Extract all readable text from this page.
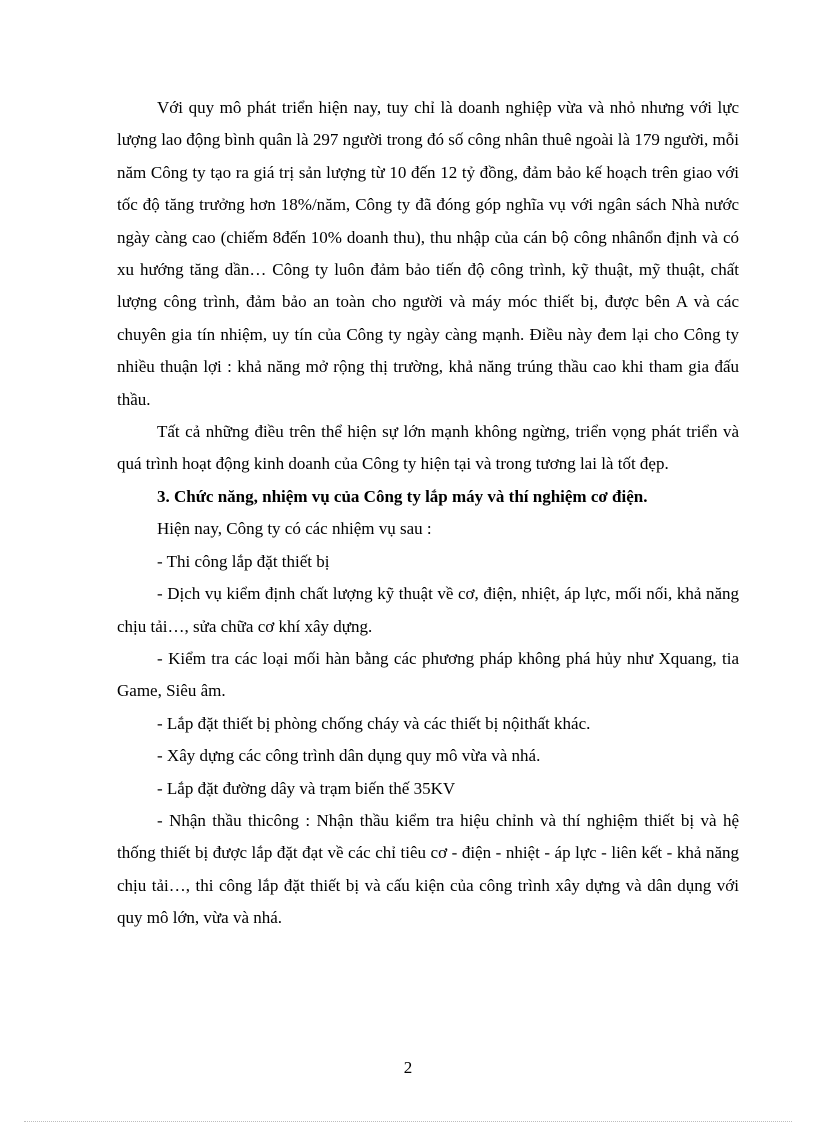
Với quy mô phát triển hiện nay, tuy chỉ là doanh nghiệp vừa và nhỏ nhưng với lực lượng lao động bình quân là 297 người trong đó số công nhân thuê ngoài là 179 người, mỗi năm Công ty tạo ra giá trị sản lượng từ 10 đến 12 tỷ đồng, đảm bảo kế hoạch trên giao với tốc độ tăng trưởng hơn 18%/năm, Công ty đã đóng góp nghĩa vụ với ngân sách Nhà nước ngày càng cao (chiếm 8đến 10% doanh thu), thu nhập của cán bộ công nhânổn định và có xu hướng tăng dần… Công ty luôn đảm bảo tiến độ công trình, kỹ thuật, mỹ thuật, chất lượng công trình, đảm bảo an toàn cho người và máy móc thiết bị, được bên A và các chuyên gia tín nhiệm, uy tín của Công ty ngày càng mạnh. Điều này đem lại cho Công ty nhiều thuận lợi : khả năng mở rộng thị trường, khả năng trúng thầu cao khi tham gia đấu thầu.

Tất cả những điều trên thể hiện sự lớn mạnh không ngừng, triển vọng phát triển và quá trình hoạt động kinh doanh của Công ty hiện tại và trong tương lai là tốt đẹp.

3. Chức năng, nhiệm vụ của Công ty lắp máy và thí nghiệm cơ điện.

Hiện nay, Công ty có các nhiệm vụ sau :

- Thi công lắp đặt thiết bị

- Dịch vụ kiểm định chất lượng kỹ thuật về cơ, điện, nhiệt, áp lực, mối nối, khả năng chịu tải…, sửa chữa cơ khí xây dựng.

- Kiểm tra các loại mối hàn bằng các phương pháp không phá hủy như Xquang, tia Game, Siêu âm.

- Lắp đặt thiết bị phòng chống cháy và các thiết bị nộithất khác.

- Xây dựng các công trình dân dụng quy mô vừa và nhá.

- Lắp đặt đường dây và trạm biến thế 35KV

- Nhận thầu thicông : Nhận thầu kiểm tra hiệu chỉnh và thí nghiệm thiết bị và hệ thống thiết bị được lắp đặt đạt về các chỉ tiêu cơ - điện - nhiệt - áp lực - liên kết - khả năng chịu tải…, thi công lắp đặt thiết bị và cấu kiện của công trình xây dựng và dân dụng với quy mô lớn, vừa và nhá.

2
